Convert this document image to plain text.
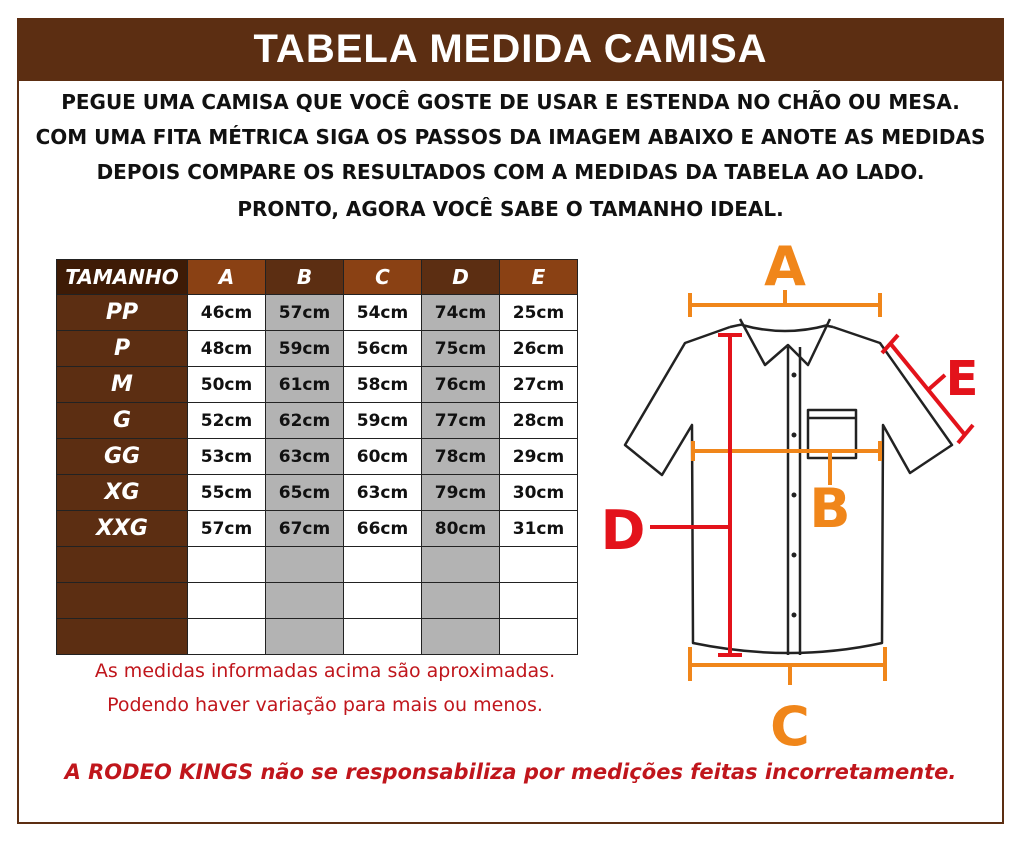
TABELA MEDIDA CAMISA
PEGUE UMA CAMISA QUE VOCÊ GOSTE DE USAR E ESTENDA NO CHÃO OU MESA.
COM UMA FITA MÉTRICA SIGA OS PASSOS DA IMAGEM ABAIXO E ANOTE AS MEDIDAS
DEPOIS COMPARE OS RESULTADOS COM A MEDIDAS DA TABELA AO LADO.
PRONTO, AGORA VOCÊ SABE O TAMANHO IDEAL.
TAMANHO	A	B	C	D	E
PP	46cm	57cm	54cm	74cm	25cm
P	48cm	59cm	56cm	75cm	26cm
M	50cm	61cm	58cm	76cm	27cm
G	52cm	62cm	59cm	77cm	28cm
GG	53cm	63cm	60cm	78cm	29cm
XG	55cm	65cm	63cm	79cm	30cm
XXG	57cm	67cm	66cm	80cm	31cm

As medidas informadas acima são aproximadas.
Podendo haver variação para mais ou menos.
A RODEO KINGS não se responsabiliza por medições feitas incorretamente.
A
B
C
D
E
